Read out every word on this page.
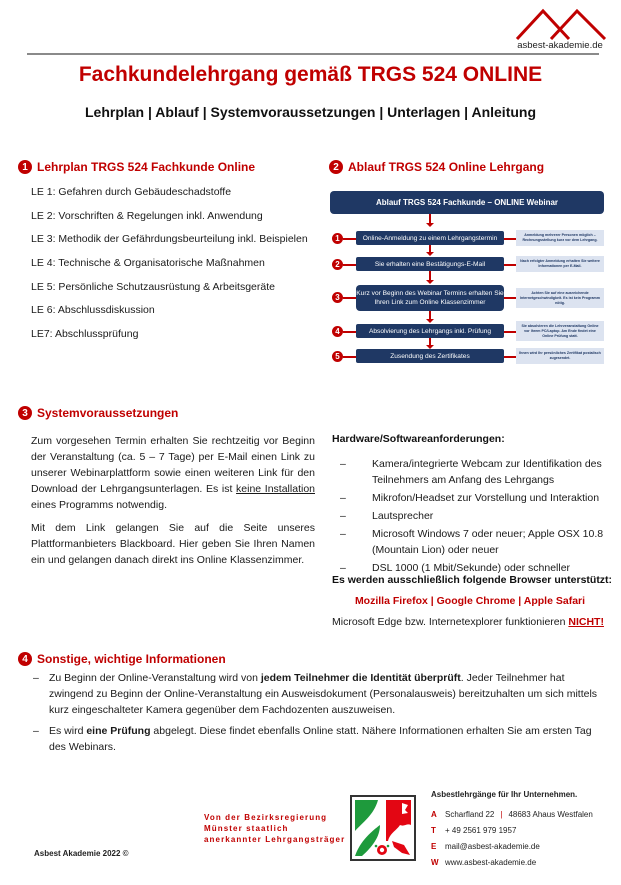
asbest-akademie.de
Fachkundelehrgang gemäß TRGS 524 ONLINE
Lehrplan | Ablauf | Systemvoraussetzungen | Unterlagen | Anleitung
1 Lehrplan TRGS 524 Fachkunde Online
LE 1: Gefahren durch Gebäudeschadstoffe
LE 2: Vorschriften & Regelungen inkl. Anwendung
LE 3: Methodik der Gefährdungsbeurteilung inkl. Beispielen
LE 4: Technische & Organisatorische Maßnahmen
LE 5: Persönliche Schutzausrüstung & Arbeitsgeräte
LE 6: Abschlussdiskussion
LE7: Abschlussprüfung
2 Ablauf TRGS 524 Online Lehrgang
Ablauf TRGS 524 Fachkunde – ONLINE Webinar
1	Online-Anmeldung zu einem Lehrgangstermin	Anmeldung mehrerer Personen möglich – Rechnungsstellung kurz vor dem Lehrgang.
2	Sie erhalten eine Bestätigungs-E-Mail	Nach erfolgter Anmeldung erhalten Sie weitere Informationen per E-Mail.
3	Kurz vor Beginn des Webinar Termins erhalten Sie Ihren Link zum Online Klassenzimmer
Achten Sie auf eine ausreichende Internetgeschwindigkeit. Es ist kein Programm nötig.
4	Absolvierung des Lehrgangs inkl. Prüfung
Sie absolvieren die Lehrveranstaltung Online vor Ihrem PC/Laptop. Am Ende findet eine Online Prüfung statt.
5	Zusendung des Zertifikates	Ihnen wird Ihr persönliches Zertifikat postalisch zugesendet.
3 Systemvoraussetzungen

Zum vorgesehen Termin erhalten Sie rechtzeitig vor Beginn der Veranstaltung (ca. 5 – 7 Tage) per E-Mail einen Link zu unserer Webinarplattform sowie einen weiteren Link für den Download der Lehrgangsunterlagen. Es ist keine Installation eines Programms notwendig.

Mit dem Link gelangen Sie auf die Seite unseres Plattformanbieters Blackboard. Hier geben Sie Ihren Namen ein und gelangen danach direkt ins Online Klassenzimmer.

Hardware/Softwareanforderungen:
– Kamera/integrierte Webcam zur Identifikation des Teilnehmers am Anfang des Lehrgangs
– Mikrofon/Headset zur Vorstellung und Interaktion
– Lautsprecher
– Microsoft Windows 7 oder neuer; Apple OSX 10.8 (Mountain Lion) oder neuer
– DSL 1000 (1 Mbit/Sekunde) oder schneller
Es werden ausschließlich folgende Browser unterstützt:
Mozilla Firefox | Google Chrome | Apple Safari
Microsoft Edge bzw. Internetexplorer funktionieren NICHT!
4 Sonstige, wichtige Informationen
– Zu Beginn der Online-Veranstaltung wird von jedem Teilnehmer die Identität überprüft. Jeder Teilnehmer hat zwingend zu Beginn der Online-Veranstaltung ein Ausweisdokument (Personalausweis) bereitzuhalten um sich mittels kurz eingeschalteter Kamera gegenüber dem Fachdozenten auszuweisen.
– Es wird eine Prüfung abgelegt. Diese findet ebenfalls Online statt. Nähere Informationen erhalten Sie am ersten Tag des Webinars.
Asbest Akademie 2022 ©
Von der Bezirksregierung
Münster staatlich
anerkannter Lehrgangsträger
Asbestlehrgänge für Ihr Unternehmen.
A Scharfland 22 | 48683 Ahaus Westfalen
T	+ 49 2561 979 1957
E	mail@asbest-akademie.de
W www.asbest-akademie.de
